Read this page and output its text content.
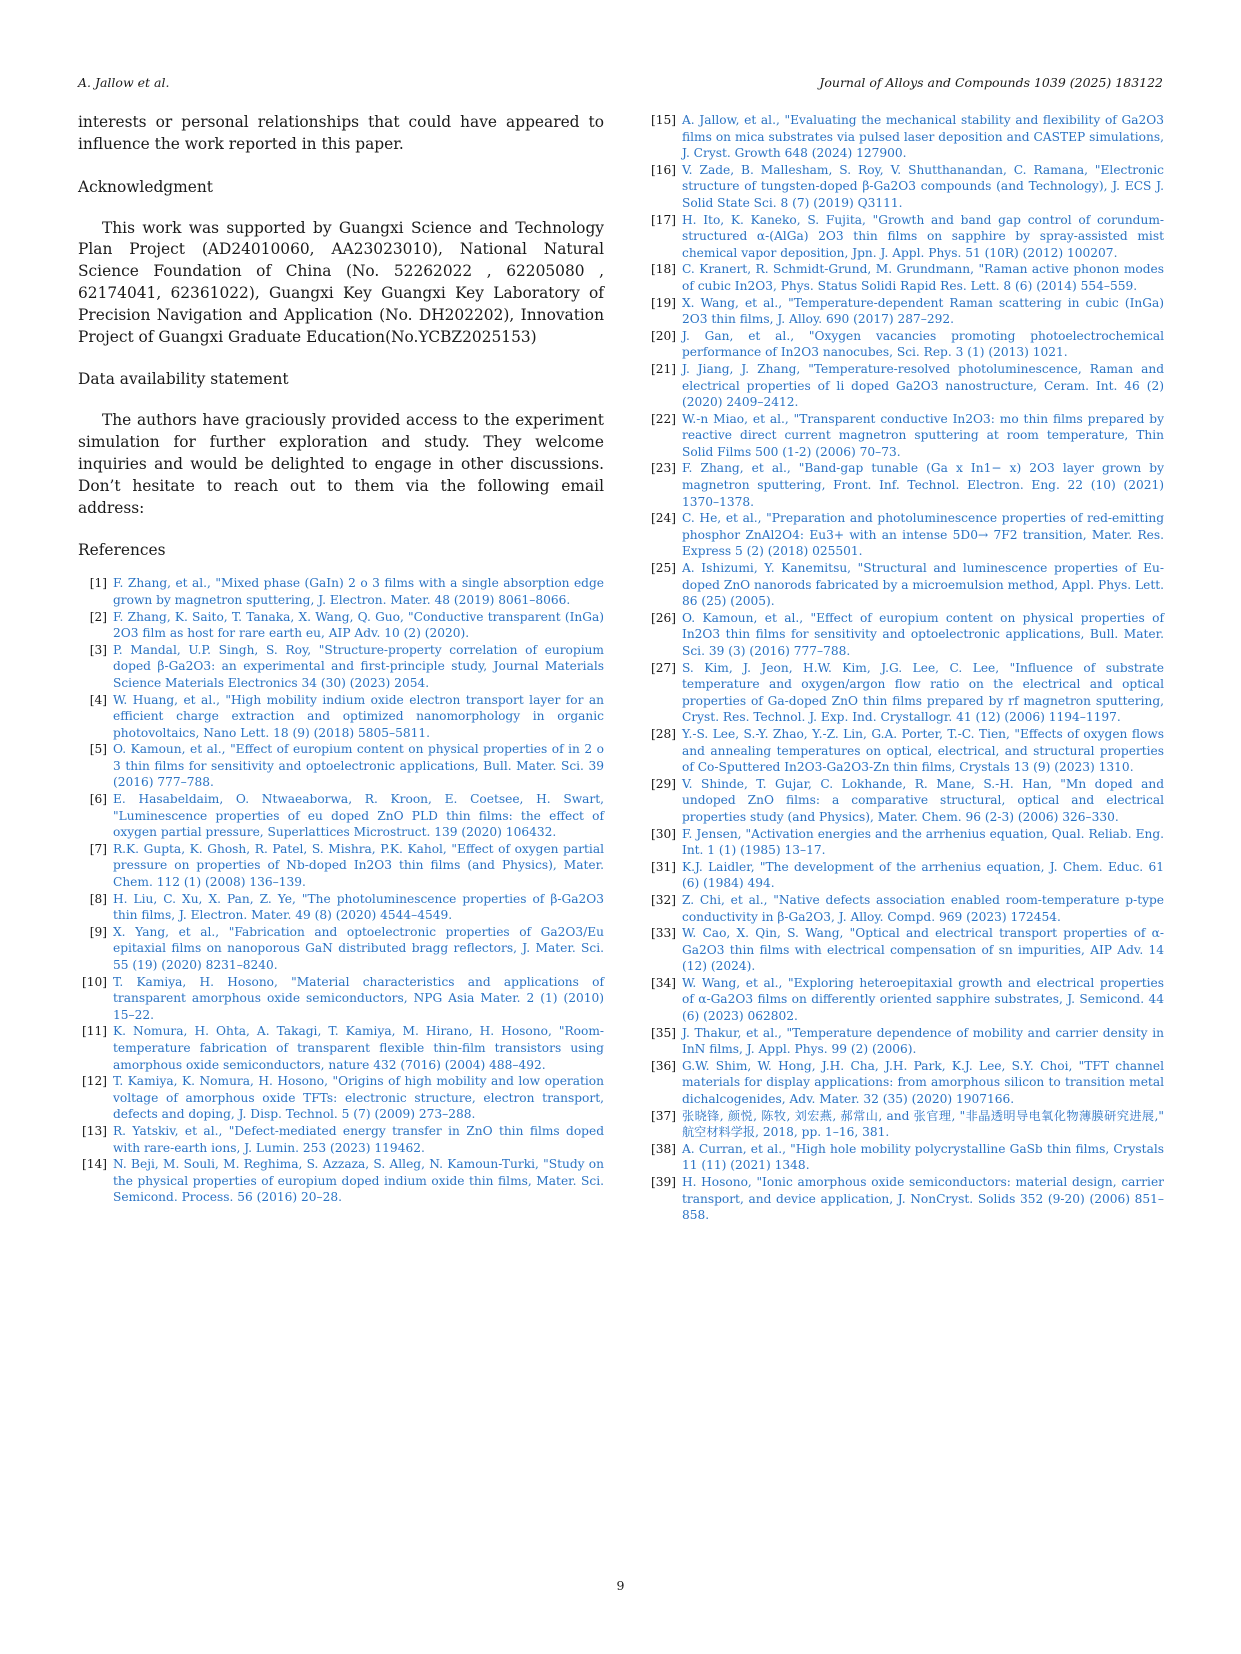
A. Jallow et al.	Journal of Alloys and Compounds 1039 (2025) 183122

interests or personal relationships that could have appeared to influence the work reported in this paper.

Acknowledgment

This work was supported by Guangxi Science and Technology Plan Project (AD24010060, AA23023010), National Natural Science Foundation of China (No. 52262022 , 62205080 , 62174041, 62361022), Guangxi Key Guangxi Key Laboratory of Precision Navigation and Application (No. DH202202), Innovation Project of Guangxi Graduate Education(No.YCBZ2025153)

Data availability statement

The authors have graciously provided access to the experiment simulation for further exploration and study. They welcome inquiries and would be delighted to engage in other discussions. Don’t hesitate to reach out to them via the following email address:

References
[1] F. Zhang, et al., "Mixed phase (GaIn) 2 o 3 films with a single absorption edge grown by magnetron sputtering, J. Electron. Mater. 48 (2019) 8061–8066.
[2] F. Zhang, K. Saito, T. Tanaka, X. Wang, Q. Guo, "Conductive transparent (InGa) 2O3 film as host for rare earth eu, AIP Adv. 10 (2) (2020).
[3] P. Mandal, U.P. Singh, S. Roy, "Structure-property correlation of europium doped β-Ga2O3: an experimental and first-principle study, Journal Materials Science Materials Electronics 34 (30) (2023) 2054.
[4] W. Huang, et al., "High mobility indium oxide electron transport layer for an efficient charge extraction and optimized nanomorphology in organic photovoltaics, Nano Lett. 18 (9) (2018) 5805–5811.
[5] O. Kamoun, et al., "Effect of europium content on physical properties of in 2 o 3 thin films for sensitivity and optoelectronic applications, Bull. Mater. Sci. 39 (2016) 777–788.
[6] E. Hasabeldaim, O. Ntwaeaborwa, R. Kroon, E. Coetsee, H. Swart, "Luminescence properties of eu doped ZnO PLD thin films: the effect of oxygen partial pressure, Superlattices Microstruct. 139 (2020) 106432.
[7] R.K. Gupta, K. Ghosh, R. Patel, S. Mishra, P.K. Kahol, "Effect of oxygen partial pressure on properties of Nb-doped In2O3 thin films (and Physics), Mater. Chem. 112 (1) (2008) 136–139.
[8] H. Liu, C. Xu, X. Pan, Z. Ye, "The photoluminescence properties of β-Ga2O3 thin films, J. Electron. Mater. 49 (8) (2020) 4544–4549.
[9] X. Yang, et al., "Fabrication and optoelectronic properties of Ga2O3/Eu epitaxial films on nanoporous GaN distributed bragg reflectors, J. Mater. Sci. 55 (19) (2020) 8231–8240.
[10] T. Kamiya, H. Hosono, "Material characteristics and applications of transparent amorphous oxide semiconductors, NPG Asia Mater. 2 (1) (2010) 15–22.
[11] K. Nomura, H. Ohta, A. Takagi, T. Kamiya, M. Hirano, H. Hosono, "Room-temperature fabrication of transparent flexible thin-film transistors using amorphous oxide semiconductors, nature 432 (7016) (2004) 488–492.
[12] T. Kamiya, K. Nomura, H. Hosono, "Origins of high mobility and low operation voltage of amorphous oxide TFTs: electronic structure, electron transport, defects and doping, J. Disp. Technol. 5 (7) (2009) 273–288.
[13] R. Yatskiv, et al., "Defect-mediated energy transfer in ZnO thin films doped with rare-earth ions, J. Lumin. 253 (2023) 119462.
[14] N. Beji, M. Souli, M. Reghima, S. Azzaza, S. Alleg, N. Kamoun-Turki, "Study on the physical properties of europium doped indium oxide thin films, Mater. Sci. Semicond. Process. 56 (2016) 20–28.
[15] A. Jallow, et al., "Evaluating the mechanical stability and flexibility of Ga2O3 films on mica substrates via pulsed laser deposition and CASTEP simulations, J. Cryst. Growth 648 (2024) 127900.
[16] V. Zade, B. Mallesham, S. Roy, V. Shutthanandan, C. Ramana, "Electronic structure of tungsten-doped β-Ga2O3 compounds (and Technology), J. ECS J. Solid State Sci. 8 (7) (2019) Q3111.
[17] H. Ito, K. Kaneko, S. Fujita, "Growth and band gap control of corundum-structured α-(AlGa) 2O3 thin films on sapphire by spray-assisted mist chemical vapor deposition, Jpn. J. Appl. Phys. 51 (10R) (2012) 100207.
[18] C. Kranert, R. Schmidt-Grund, M. Grundmann, "Raman active phonon modes of cubic In2O3, Phys. Status Solidi Rapid Res. Lett. 8 (6) (2014) 554–559.
[19] X. Wang, et al., "Temperature-dependent Raman scattering in cubic (InGa) 2O3 thin films, J. Alloy. 690 (2017) 287–292.
[20] J. Gan, et al., "Oxygen vacancies promoting photoelectrochemical performance of In2O3 nanocubes, Sci. Rep. 3 (1) (2013) 1021.
[21] J. Jiang, J. Zhang, "Temperature-resolved photoluminescence, Raman and electrical properties of li doped Ga2O3 nanostructure, Ceram. Int. 46 (2) (2020) 2409–2412.
[22] W.-n Miao, et al., "Transparent conductive In2O3: mo thin films prepared by reactive direct current magnetron sputtering at room temperature, Thin Solid Films 500 (1-2) (2006) 70–73.
[23] F. Zhang, et al., "Band-gap tunable (Ga x In1− x) 2O3 layer grown by magnetron sputtering, Front. Inf. Technol. Electron. Eng. 22 (10) (2021) 1370–1378.
[24] C. He, et al., "Preparation and photoluminescence properties of red-emitting phosphor ZnAl2O4: Eu3+ with an intense 5D0→ 7F2 transition, Mater. Res. Express 5 (2) (2018) 025501.
[25] A. Ishizumi, Y. Kanemitsu, "Structural and luminescence properties of Eu-doped ZnO nanorods fabricated by a microemulsion method, Appl. Phys. Lett. 86 (25) (2005).
[26] O. Kamoun, et al., "Effect of europium content on physical properties of In2O3 thin films for sensitivity and optoelectronic applications, Bull. Mater. Sci. 39 (3) (2016) 777–788.
[27] S. Kim, J. Jeon, H.W. Kim, J.G. Lee, C. Lee, "Influence of substrate temperature and oxygen/argon flow ratio on the electrical and optical properties of Ga-doped ZnO thin films prepared by rf magnetron sputtering, Cryst. Res. Technol. J. Exp. Ind. Crystallogr. 41 (12) (2006) 1194–1197.
[28] Y.-S. Lee, S.-Y. Zhao, Y.-Z. Lin, G.A. Porter, T.-C. Tien, "Effects of oxygen flows and annealing temperatures on optical, electrical, and structural properties of Co-Sputtered In2O3-Ga2O3-Zn thin films, Crystals 13 (9) (2023) 1310.
[29] V. Shinde, T. Gujar, C. Lokhande, R. Mane, S.-H. Han, "Mn doped and undoped ZnO films: a comparative structural, optical and electrical properties study (and Physics), Mater. Chem. 96 (2-3) (2006) 326–330.
[30] F. Jensen, "Activation energies and the arrhenius equation, Qual. Reliab. Eng. Int. 1 (1) (1985) 13–17.
[31] K.J. Laidler, "The development of the arrhenius equation, J. Chem. Educ. 61 (6) (1984) 494.
[32] Z. Chi, et al., "Native defects association enabled room-temperature p-type conductivity in β-Ga2O3, J. Alloy. Compd. 969 (2023) 172454.
[33] W. Cao, X. Qin, S. Wang, "Optical and electrical transport properties of α-Ga2O3 thin films with electrical compensation of sn impurities, AIP Adv. 14 (12) (2024).
[34] W. Wang, et al., "Exploring heteroepitaxial growth and electrical properties of α-Ga2O3 films on differently oriented sapphire substrates, J. Semicond. 44 (6) (2023) 062802.
[35] J. Thakur, et al., "Temperature dependence of mobility and carrier density in InN films, J. Appl. Phys. 99 (2) (2006).
[36] G.W. Shim, W. Hong, J.H. Cha, J.H. Park, K.J. Lee, S.Y. Choi, "TFT channel materials for display applications: from amorphous silicon to transition metal dichalcogenides, Adv. Mater. 32 (35) (2020) 1907166.
[37] 张晓锋, 颜悦, 陈牧, 刘宏燕, 郝常山, and 张官理, "非晶透明导电氧化物薄膜研究进展," 航空材料学报, 2018, pp. 1–16, 381.
[38] A. Curran, et al., "High hole mobility polycrystalline GaSb thin films, Crystals 11 (11) (2021) 1348.
[39] H. Hosono, "Ionic amorphous oxide semiconductors: material design, carrier transport, and device application, J. NonCryst. Solids 352 (9-20) (2006) 851–858.
9
